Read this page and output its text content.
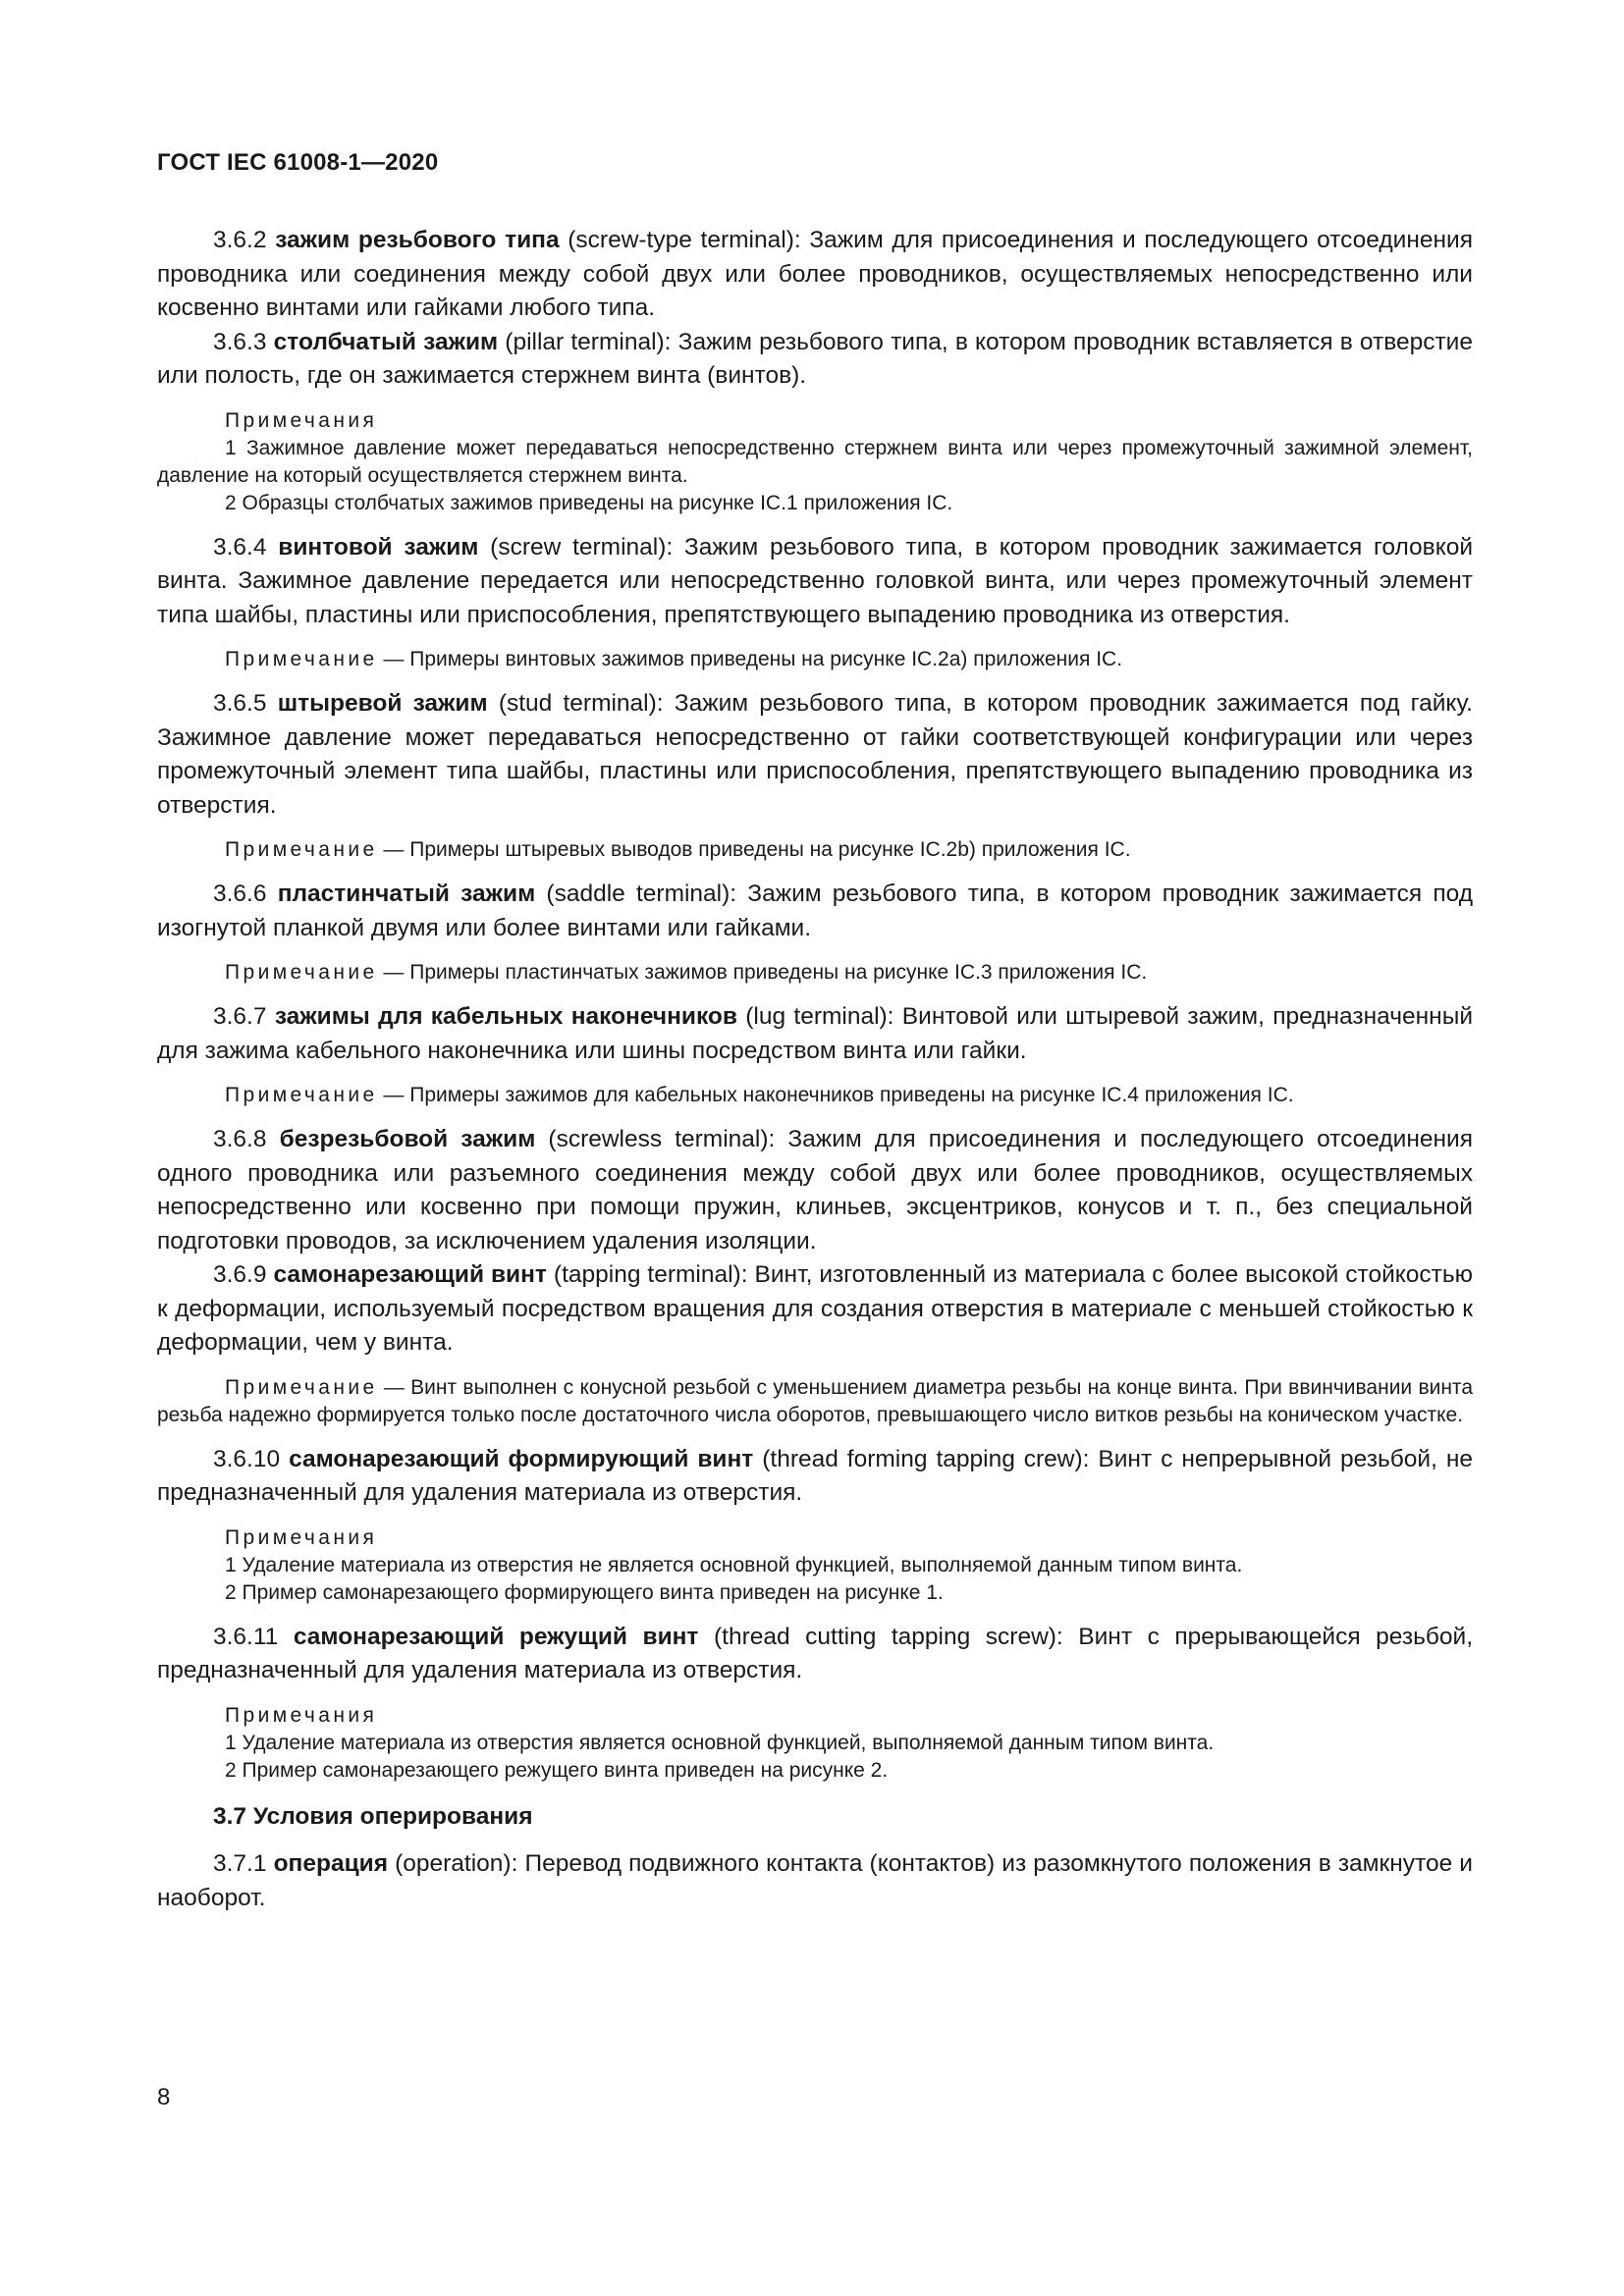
ГОСТ IEC 61008-1—2020

3.6.2 зажим резьбового типа (screw-type terminal): Зажим для присоединения и последующего отсоединения проводника или соединения между собой двух или более проводников, осуществляемых непосредственно или косвенно винтами или гайками любого типа.

3.6.3 столбчатый зажим (pillar terminal): Зажим резьбового типа, в котором проводник вставляется в отверстие или полость, где он зажимается стержнем винта (винтов).

Примечания

1 Зажимное давление может передаваться непосредственно стержнем винта или через промежуточный зажимной элемент, давление на который осуществляется стержнем винта.

2 Образцы столбчатых зажимов приведены на рисунке IC.1 приложения IC.

3.6.4 винтовой зажим (screw terminal): Зажим резьбового типа, в котором проводник зажимается головкой винта. Зажимное давление передается или непосредственно головкой винта, или через промежуточный элемент типа шайбы, пластины или приспособления, препятствующего выпадению проводника из отверстия.

Примечание — Примеры винтовых зажимов приведены на рисунке IC.2a) приложения IC.

3.6.5 штыревой зажим (stud terminal): Зажим резьбового типа, в котором проводник зажимается под гайку. Зажимное давление может передаваться непосредственно от гайки соответствующей конфигурации или через промежуточный элемент типа шайбы, пластины или приспособления, препятствующего выпадению проводника из отверстия.

Примечание — Примеры штыревых выводов приведены на рисунке IC.2b) приложения IC.

3.6.6 пластинчатый зажим (saddle terminal): Зажим резьбового типа, в котором проводник зажимается под изогнутой планкой двумя или более винтами или гайками.

Примечание — Примеры пластинчатых зажимов приведены на рисунке IC.3 приложения IC.

3.6.7 зажимы для кабельных наконечников (lug terminal): Винтовой или штыревой зажим, предназначенный для зажима кабельного наконечника или шины посредством винта или гайки.

Примечание — Примеры зажимов для кабельных наконечников приведены на рисунке IC.4 приложения IC.

3.6.8 безрезьбовой зажим (screwless terminal): Зажим для присоединения и последующего отсоединения одного проводника или разъемного соединения между собой двух или более проводников, осуществляемых непосредственно или косвенно при помощи пружин, клиньев, эксцентриков, конусов и т. п., без специальной подготовки проводов, за исключением удаления изоляции.

3.6.9 самонарезающий винт (tapping terminal): Винт, изготовленный из материала с более высокой стойкостью к деформации, используемый посредством вращения для создания отверстия в материале с меньшей стойкостью к деформации, чем у винта.

Примечание — Винт выполнен с конусной резьбой с уменьшением диаметра резьбы на конце винта. При ввинчивании винта резьба надежно формируется только после достаточного числа оборотов, превышающего число витков резьбы на коническом участке.

3.6.10 самонарезающий формирующий винт (thread forming tapping crew): Винт с непрерывной резьбой, не предназначенный для удаления материала из отверстия.

Примечания

1 Удаление материала из отверстия не является основной функцией, выполняемой данным типом винта.

2 Пример самонарезающего формирующего винта приведен на рисунке 1.

3.6.11 самонарезающий режущий винт (thread cutting tapping screw): Винт с прерывающейся резьбой, предназначенный для удаления материала из отверстия.

Примечания

1 Удаление материала из отверстия является основной функцией, выполняемой данным типом винта.

2 Пример самонарезающего режущего винта приведен на рисунке 2.

3.7 Условия оперирования

3.7.1 операция (operation): Перевод подвижного контакта (контактов) из разомкнутого положения в замкнутое и наоборот.

8
